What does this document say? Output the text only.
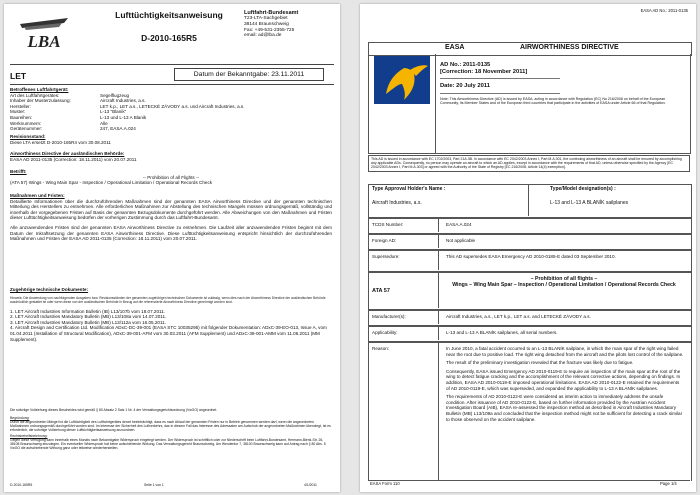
LBA
Lufttüchtigkeitsanweisung
D-2010-165R5
Luftfahrt-Bundesamt
T23-LTA-Sachgebiet
38144 Braunschweig
Fax: +49-531-2355-725
email: ad@lba.de
LET	Datum der Bekanntgabe: 23.11.2011
Betroffenes Luftfahrtgerät:
Art des Luftfahrtgerätes:	Segelflugzeug
Inhaber der Musterzulassung:	Aircraft Industries, a.s.
Hersteller:	LET k.p., LET a.s., LETECKÉ ZÁVODY a.s. und Aircraft Industries, a.s.
Muster:	L-13 "Blanik"
Baureihen:	L-13 und L-13 A Blanik
Werknummern:	Alle
Gerätenummer:	247, EASA.A.024
Revisionsstand:
Diese LTA ersetzt D-2010-165R4 vom 30.08.2011
Airworthiness Directive der ausländischen Behörde:
EASA AD 2011-0135 (Correction: 18.11.2011) vom 20.07.2011
Betrifft:
-- Prohibition of all Flights --
(ATA 57) Wings - Wing Main Spar - Inspection / Operational Limitation / Operational Records Check
Maßnahmen und Fristen:
Detaillierte Informationen über die durchzuführenden Maßnahmen sind der genannten EASA Airworthiness Directive und der genannten technischen Mitteilung des Herstellers zu entnehmen. Alle erforderlichen Maßnahmen zur Abstellung des technischen Mangels müssen ordnungsgemäß, vollständig und innerhalb der vorgegebenen Fristen auf Basis der genannten Bezugsdokumente durchgeführt werden. Alle Abweichungen von den Maßnahmen und Fristen dieser Lufttüchtigkeitsanweisung bedürfen der vorherigen Zustimmung durch das Luftfahrt-Bundesamt.
Alle anzuwendenden Fristen sind der genannten EASA Airworthiness Directive zu entnehmen. Die Laufzeit aller anzuwendenden Fristen beginnt mit dem Datum der Inkraftsetzung der genannten EASA Airworthiness Directive. Diese Lufttüchtigkeitsanweisung entspricht hinsichtlich der durchzuführenden Maßnahmen und Fristen der EASA AD 2011-0135 (Correction: 18.11.2011) vom 20.07.2011.
Zugehörige technische Dokumente:
Hinweis: Die Anwendung von nachfolgenden Ausgaben bzw. Revisionsständen der genannten zugehörigen technischen Dokumente ist zulässig, wenn dies nach der Airworthiness Directive der ausländischen Behörde ausdrücklich gestattet ist oder wenn diese von der ausländischen Behörde in Bezug auf die referenzierte Airworthiness Directive genehmigt worden sind.
1. LET Aircraft Industries Information Bulletin (IB) L13/107b vom 18.07.2011.
2. LET Aircraft Industries Mandatory Bulletin (MB) L13/108a vom 14.07.2011.
3. LET Aircraft Industries Mandatory Bulletin (MB) L13/112a vom 16.05.2011.
4. Aircraft Design and Certification Ltd. Modification ADxC-DC-39-001 (EASA STC 10035295) mit folgender Dokumentation: ADxC-39-EO-013, Issue A, vom 01.04.2011 (Installation of Structural Modification), ADxC-39-001-AFM vom 30.03.2011 (AFM Supplement) und ADxC-39-001-AMM vom 11.06.2011 (MM Supplement).
Die sofortige Vollziehung dieses Bescheides wird gemäß § 80 Absatz 2 Satz 1 Nr. 4 der Verwaltungsgerichtsordnung (VwGO) angeordnet.
Begründung:
Durch die angeordneten Mängel ist die Lufttüchtigkeit des Luftfahrtgerätes derart beeinträchtigt, dass es nach Ablauf der genannten Fristen nur in Betrieb genommen werden darf, wenn die angeordneten Maßnahmen ordnungsgemäß durchgeführt worden sind. Im Interesse der Sicherheit des Luftverkehrs, das in diesem Fall das Interesse des Adressaten am Aufschub der angeordneten Maßnahmen überwiegt, ist es erforderlich, die sofortige Vollziehung dieser Lufttüchtigkeitsanweisung anzuordnen.
Rechtsbehelfsbelehrung:
Gegen diese Verfügung kann innerhalb eines Monats nach Bekanntgabe Widerspruch eingelegt werden. Der Widerspruch ist schriftlich oder zur Niederschrift beim Luftfahrt-Bundesamt, Hermann-Blenk-Str. 26, 38108 Braunschweig einzulegen. Ein eventueller Widerspruch hat keine aufschiebende Wirkung. Das Verwaltungsgericht Braunschweig, Am Wendentor 7, 38100 Braunschweig kann auf Antrag nach § 80 Abs. 5 VwGO die aufschiebende Wirkung ganz oder teilweise wiederherstellen.
D-2010-165R5	Seite 1 von 1	4/1/2011
EASA AD No.: 2011-0135
EASA	AIRWORTHINESS DIRECTIVE
AD No.: 2011-0135
[Correction: 18 November 2011]
Date: 20 July 2011
Note: This Airworthiness Directive (AD) is issued by EASA, acting in accordance with Regulation (EC) No 216/2008 on behalf of the European Community, its Member States and of the European third countries that participate in the activities of EASA under Article 66 of that Regulation.
This AD is issued in accordance with EC 1702/2003, Part 21A.3B. In accordance with EC 2042/2003 Annex I, Part M.A.301, the continuing airworthiness of an aircraft shall be ensured by accomplishing any applicable ADs. Consequently, no person may operate an aircraft to which an AD applies, except in accordance with the requirements of that AD, unless otherwise specified by the Agency [EC 2042/2003 Annex I, Part M.A.303] or agreed with the Authority of the State of Registry [EC 216/2008, Article 14(4) exemption].
Type Approval Holder's Name :
Aircraft Industries, a.s.
Type/Model designation(s) :
L-13 and L-13 A BLANÍK sailplanes
TCDS Number:	EASA.A.024
Foreign AD:	Not applicable
Supersedure:	This AD supersedes EASA Emergency AD 2010-0185-E dated 03 September 2010.
ATA 57
– Prohibition of all flights –
Wings – Wing Main Spar – Inspection / Operational Limitation / Operational Records Check
Manufacturer(s):	Aircraft Industries, a.s., LET k.p., LET a.s. and LETECKÉ ZÁVODY a.s.
Applicability:	L-13 and L-13 A BLANÍK sailplanes, all serial numbers.
Reason:	In June 2010, a fatal accident occurred to an L-13 BLANÍK sailplane, in which the main spar of the right wing failed near the root due to positive load. The right wing detached from the aircraft and the pilots lost control of the sailplane.
The result of the preliminary investigation revealed that the fracture was likely due to fatigue.
Consequently, EASA issued Emergency AD 2010-0119-E to require an inspection of the main spar at the root of the wing to detect fatigue cracking and the accomplishment of the relevant corrective actions, depending on findings. In addition, EASA AD 2010-0119-E imposed operational limitations. EASA AD 2010-0122-E retained the requirements of AD 2010-0119-E, which was superseded, and expanded the applicability to L-13 A BLANÍK sailplanes.
The requirements of AD 2010-0122-E were considered as interim action to immediately address the unsafe condition. After issuance of AD 2010-0122-E, based on further information provided by the Austrian Accident Investigation Board (AIB), EASA re-assessed the inspection method as described in Aircraft Industries Mandatory Bulletin (MB) L13/109a and concluded that the inspection method might not be sufficient for detecting a crack similar to those observed on the accident sailplane.
EASA Form 110	Page 1/4
